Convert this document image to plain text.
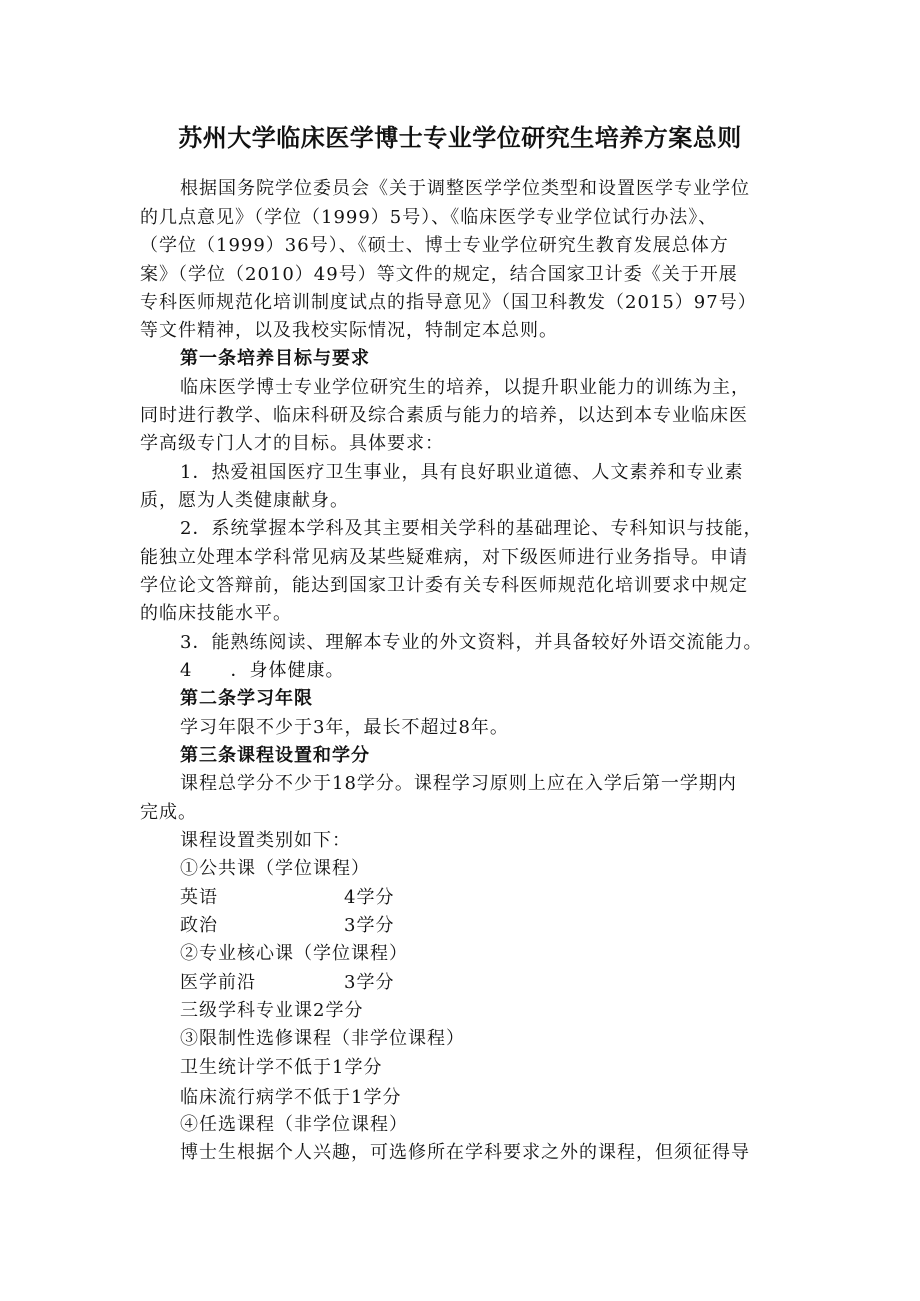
苏州大学临床医学博士专业学位研究生培养方案总则
根据国务院学位委员会《关于调整医学学位类型和设置医学专业学位
的几点意见》（学位（1999）5号）、《临床医学专业学位试行办法》、
（学位（1999）36号）、《硕士、博士专业学位研究生教育发展总体方
案》（学位（2010）49号）等文件的规定，结合国家卫计委《关于开展
专科医师规范化培训制度试点的指导意见》（国卫科教发（2015）97号）
等文件精神，以及我校实际情况，特制定本总则。
第一条培养目标与要求
临床医学博士专业学位研究生的培养，以提升职业能力的训练为主，
同时进行教学、临床科研及综合素质与能力的培养，以达到本专业临床医
学高级专门人才的目标。具体要求：
1．热爱祖国医疗卫生事业，具有良好职业道德、人文素养和专业素
质，愿为人类健康献身。
2．系统掌握本学科及其主要相关学科的基础理论、专科知识与技能，
能独立处理本学科常见病及某些疑难病，对下级医师进行业务指导。申请
学位论文答辩前，能达到国家卫计委有关专科医师规范化培训要求中规定
的临床技能水平。
3．能熟练阅读、理解本专业的外文资料，并具备较好外语交流能力。
4　　．身体健康。
第二条学习年限
学习年限不少于3年，最长不超过8年。
第三条课程设置和学分
课程总学分不少于18学分。课程学习原则上应在入学后第一学期内
完成。
课程设置类别如下：
①公共课（学位课程）
英语	4学分
政治	3学分
②专业核心课（学位课程）
医学前沿	3学分
三级学科专业课2学分
③限制性选修课程（非学位课程）
卫生统计学不低于1学分
临床流行病学不低于1学分
④任选课程（非学位课程）
博士生根据个人兴趣，可选修所在学科要求之外的课程，但须征得导
